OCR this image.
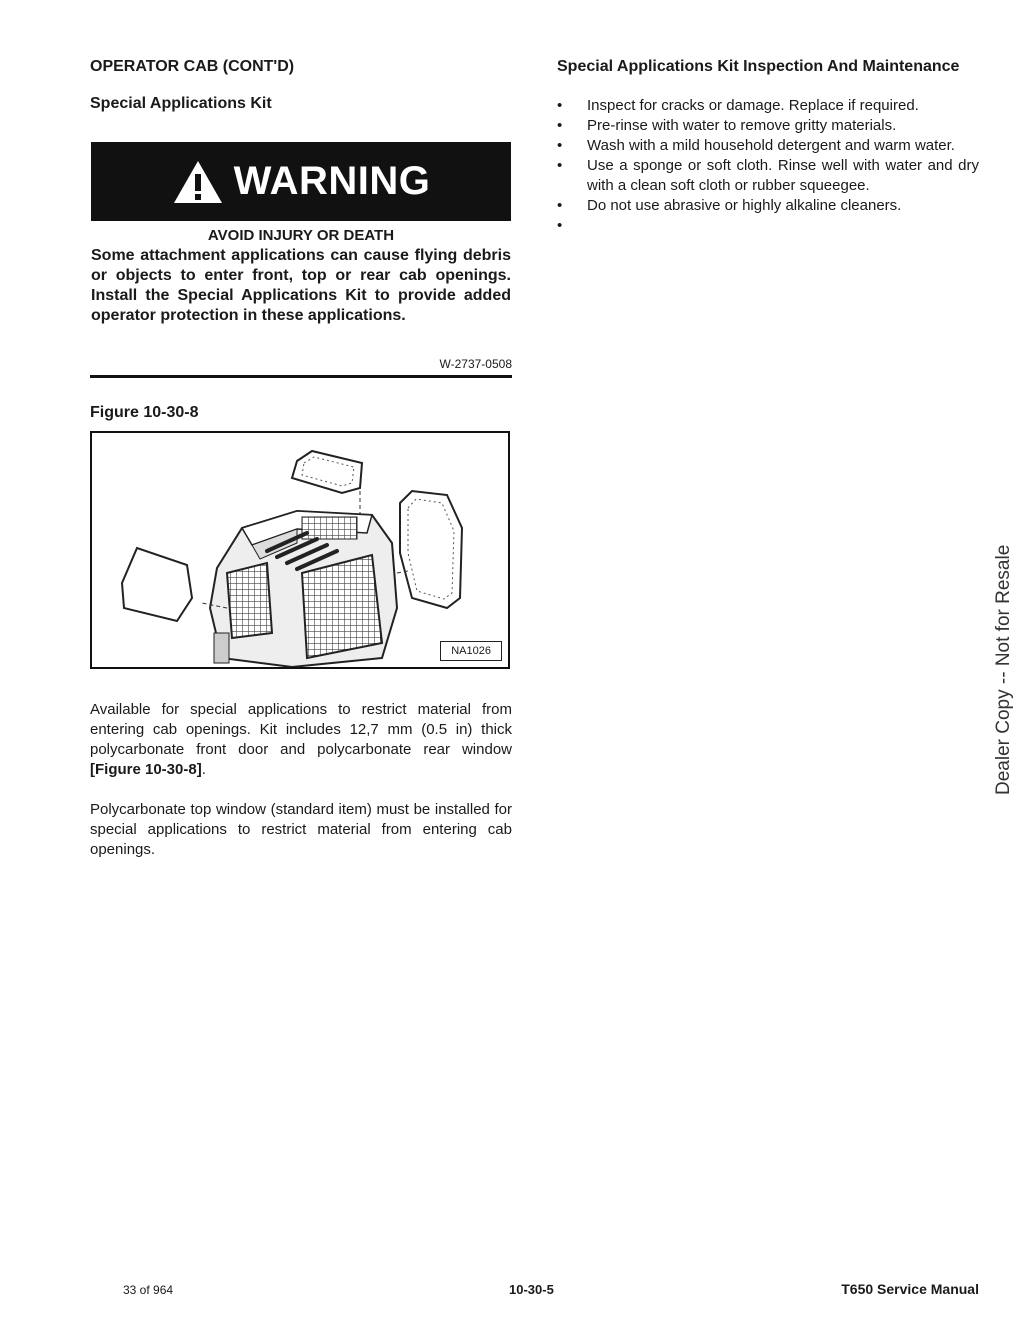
OPERATOR CAB (CONT'D)
Special Applications Kit
WARNING
AVOID INJURY OR DEATH
Some attachment applications can cause flying debris or objects to enter front, top or rear cab openings. Install the Special Applications Kit to provide added operator protection in these applications.
W-2737-0508
Figure 10-30-8
NA1026
Available for special applications to restrict material from entering cab openings. Kit includes 12,7 mm (0.5 in) thick polycarbonate front door and polycarbonate rear window [Figure 10-30-8].
Polycarbonate top window (standard item) must be installed for special applications to restrict material from entering cab openings.
Special Applications Kit Inspection And Maintenance
• Inspect for cracks or damage. Replace if required.
• Pre-rinse with water to remove gritty materials.
• Wash with a mild household detergent and warm water.
• Use a sponge or soft cloth. Rinse well with water and dry with a clean soft cloth or rubber squeegee.
• Do not use abrasive or highly alkaline cleaners.
•
Dealer Copy -- Not for Resale
33 of 964	10-30-5	T650 Service Manual
